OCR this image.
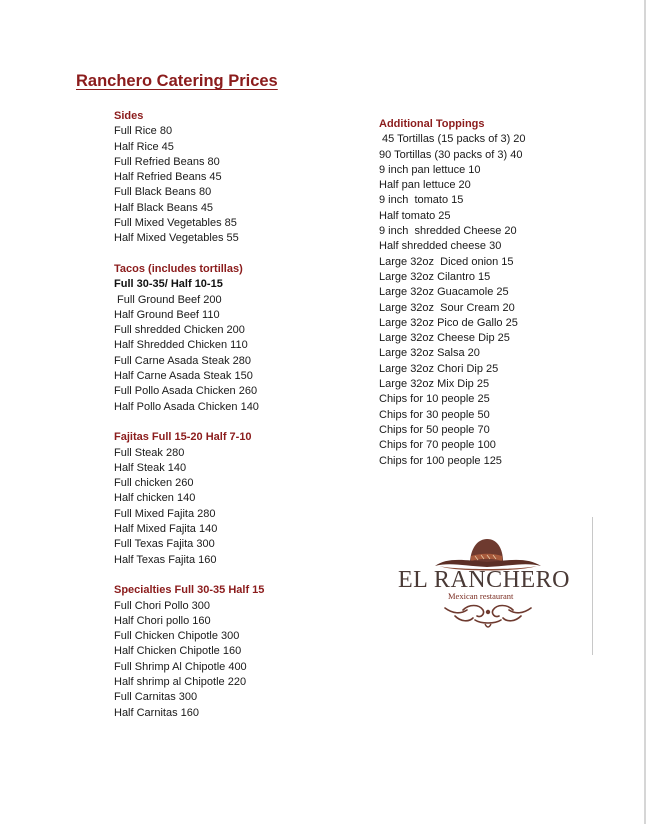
Ranchero Catering Prices
Sides
Full Rice 80
Half Rice 45
Full Refried Beans 80
Half Refried Beans 45
Full Black Beans 80
Half Black Beans 45
Full Mixed Vegetables 85
Half Mixed Vegetables 55
Tacos (includes tortillas)
Full 30-35/ Half 10-15
Full Ground Beef 200
Half Ground Beef 110
Full shredded Chicken 200
Half Shredded Chicken 110
Full Carne Asada Steak 280
Half Carne Asada Steak 150
Full Pollo Asada Chicken 260
Half Pollo Asada Chicken 140
Fajitas Full 15-20 Half 7-10
Full Steak 280
Half Steak 140
Full chicken 260
Half chicken 140
Full Mixed Fajita 280
Half Mixed Fajita 140
Full Texas Fajita 300
Half Texas Fajita 160
Specialties Full 30-35 Half 15
Full Chori Pollo 300
Half Chori pollo 160
Full Chicken Chipotle 300
Half Chicken Chipotle 160
Full Shrimp Al Chipotle 400
Half shrimp al Chipotle 220
Full Carnitas 300
Half Carnitas 160
Additional Toppings
45 Tortillas (15 packs of 3) 20
90 Tortillas (30 packs of 3) 40
9 inch pan lettuce 10
Half pan lettuce 20
9 inch  tomato 15
Half tomato 25
9 inch  shredded Cheese 20
Half shredded cheese 30
Large 32oz  Diced onion 15
Large 32oz Cilantro 15
Large 32oz Guacamole 25
Large 32oz  Sour Cream 20
Large 32oz Pico de Gallo 25
Large 32oz Cheese Dip 25
Large 32oz Salsa 20
Large 32oz Chori Dip 25
Large 32oz Mix Dip 25
Chips for 10 people 25
Chips for 30 people 50
Chips for 50 people 70
Chips for 70 people 100
Chips for 100 people 125
EL RANCHERO
Mexican restaurant
